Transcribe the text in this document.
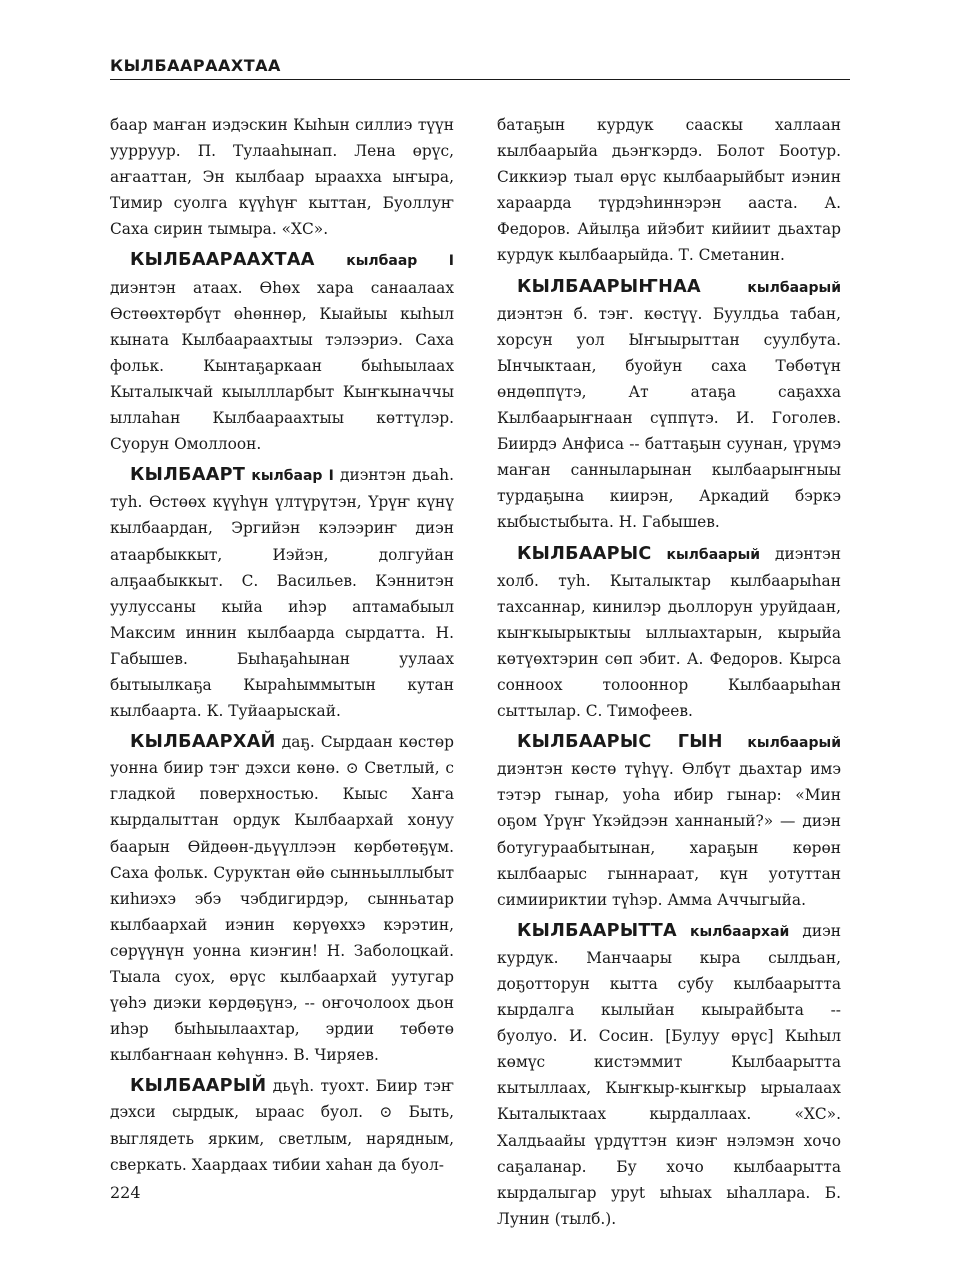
КЫЛБААРААХТАА

баар маҥан иэдэскин Кыһын силлиэ түүн уурруур. П. Тулааһынап. Лена өрүс, аҥааттан, Эн кылбаар ыраахха ыҥыра, Тимир суолга күүһүҥ кыттан, Буоллуҥ Саха сирин тымыра. «ХС».

КЫЛБААРААХТАА кылбаар I диэнтэн атаах. Өһөх хара санаалаах Өстөөхтөрбүт өһөннөр, Кыайыы кыһыл кыната Кылбаараахтыы тэлээриэ. Саха фольк. Кынтаҕаркаан быһыылаах Кыталыкчай кыыллларбыт Кыҥкыначчы ыллаһан Кылбаараахтыы көттүлэр. Суорун Омоллоон.

КЫЛБААРТ кылбаар I диэнтэн дьаһ. туһ. Өстөөх күүһүн үлтүрүтэн, Үрүҥ күнү кылбаардан, Эргийэн кэлээриҥ диэн атаарбыккыт, Иэйэн, долгуйан алҕаабыккыт. С. Васильев. Кэннитэн уулуссаны кыйа иһэр аптамабыыл Максим иннин кылбаарда сырдатта. Н. Габышев. Быһаҕаһынан уулаах бытыылкаҕа Кыраһыммытын кутан кылбаарта. К. Туйаарыскай.

КЫЛБААРХАЙ даҕ. Сырдаан көстөр уонна биир тэҥ дэхси көнө. ⊙ Светлый, с гладкой поверхностью. Кыыс Хаҥа кырдалыттан ордук Кылбаархай хонуу баарын Өйдөөн-дьүүллээн көрбөтөҕүм. Саха фольк. Суруктан өйө сынньыллыбыт киһиэхэ эбэ чэбдигирдэр, сынньатар кылбаархай иэнин көрүөххэ кэрэтин, сөрүүнүн уонна киэҥин! Н. Заболоцкай. Тыала суох, өрүс кылбаархай уутугар үөһэ диэки көрдөҕүнэ, -- оҥочолоох дьон иһэр быһыылаахтар, эрдии төбөтө кылбаҥнаан көһүннэ. В. Чиряев.

КЫЛБААРЫЙ дьүһ. туохт. Биир тэҥ дэхси сырдык, ыраас буол. ⊙ Быть, выглядеть ярким, светлым, нарядным, сверкать. Хаардаах тибии хаһан да буол-

батаҕын курдук сааскы халлаан кылбаарыйа дьэҥкэрдэ. Болот Боотур. Сиккиэр тыал өрүс кылбаарыйбыт иэнин хараарда түрдэһиннэрэн ааста. А. Федоров. Айылҕа ийэбит кийиит дьахтар курдук кылбаарыйда. Т. Сметанин.

КЫЛБААРЫҤНАА	кылбаарый диэнтэн б. тэҥ. көстүү. Буулдьа табан, хорсун уол Ыҥыырыттан суулбута. Ынчыктаан, буойун саха Төбөтүн өндөппүтэ, Ат атаҕа саҕахха Кылбаарыҥнаан сүппүтэ. И. Гоголев. Биирдэ Анфиса -- баттаҕын суунан, үрүмэ маҥан санныларынан кылбаарыҥныы турдаҕына киирэн, Аркадий бэркэ кыбыстыбыта. Н. Габышев.

КЫЛБААРЫС кылбаарый диэнтэн холб. туһ. Кыталыктар кылбаарыһан тахсаннар, кинилэр дьоллорун уруйдаан, кыҥкыырыктыы ыллыахтарын, кырыйа көтүөхтэрин сөп эбит. А. Федоров. Кырса сонноох толооннор Кылбаарыһан сыттылар. С. Тимофеев.

КЫЛБААРЫС ГЫН кылбаарый диэнтэн көстө түһүү. Өлбүт дьахтар имэ тэтэр гынар, уоһа ибир гынар: «Мин оҕом Үрүҥ Үкэйдээн ханнаный?» — диэн ботугураабытынан, хараҕын көрөн кылбаарыс гыннараат, күн уотуттан симиириктии түһэр. Амма Аччыгыйа.

КЫЛБААРЫТТА кылбаархай диэн курдук. Манчаары кыра сылдьан, доҕотторун кытта субу кылбаарытта кырдалга кылыйан кыырайбыта -- буолуо. И. Сосин. [Булуу өрүс] Кыһыл көмүс кистэммит Кылбаарытта кытыллаах, Кыҥкыр-кыҥкыр ырыалаах Кыталыктаах кырдаллаах. «ХС». Халдьаайы үрдүттэн киэҥ нэлэмэн хочо саҕаланар. Бу хочо кылбаарытта кырдалыгар уруt ыһыах ыһаллара. Б. Лунин (тылб.).

224
